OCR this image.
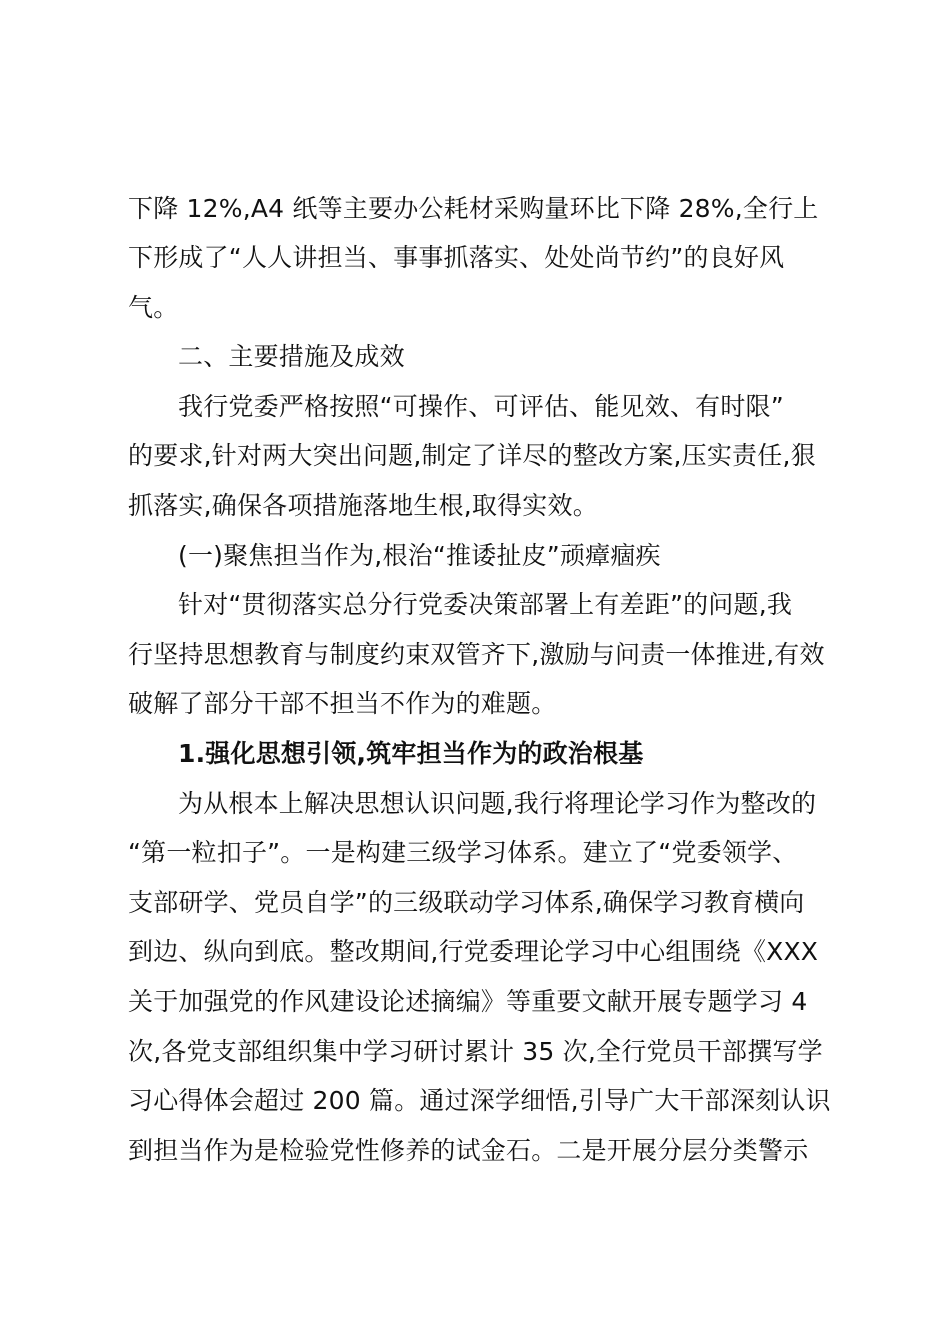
下降 12%,A4 纸等主要办公耗材采购量环比下降 28%,全行上
下形成了“人人讲担当、事事抓落实、处处尚节约”的良好风
气。
二、主要措施及成效
我行党委严格按照“可操作、可评估、能见效、有时限”
的要求,针对两大突出问题,制定了详尽的整改方案,压实责任,狠
抓落实,确保各项措施落地生根,取得实效。
(一)聚焦担当作为,根治“推诿扯皮”顽瘴痼疾
针对“贯彻落实总分行党委决策部署上有差距”的问题,我
行坚持思想教育与制度约束双管齐下,激励与问责一体推进,有效
破解了部分干部不担当不作为的难题。
1.强化思想引领,筑牢担当作为的政治根基
为从根本上解决思想认识问题,我行将理论学习作为整改的
“第一粒扣子”。一是构建三级学习体系。建立了“党委领学、
支部研学、党员自学”的三级联动学习体系,确保学习教育横向
到边、纵向到底。整改期间,行党委理论学习中心组围绕《XXX
关于加强党的作风建设论述摘编》等重要文献开展专题学习 4
次,各党支部组织集中学习研讨累计 35 次,全行党员干部撰写学
习心得体会超过 200 篇。通过深学细悟,引导广大干部深刻认识
到担当作为是检验党性修养的试金石。二是开展分层分类警示
